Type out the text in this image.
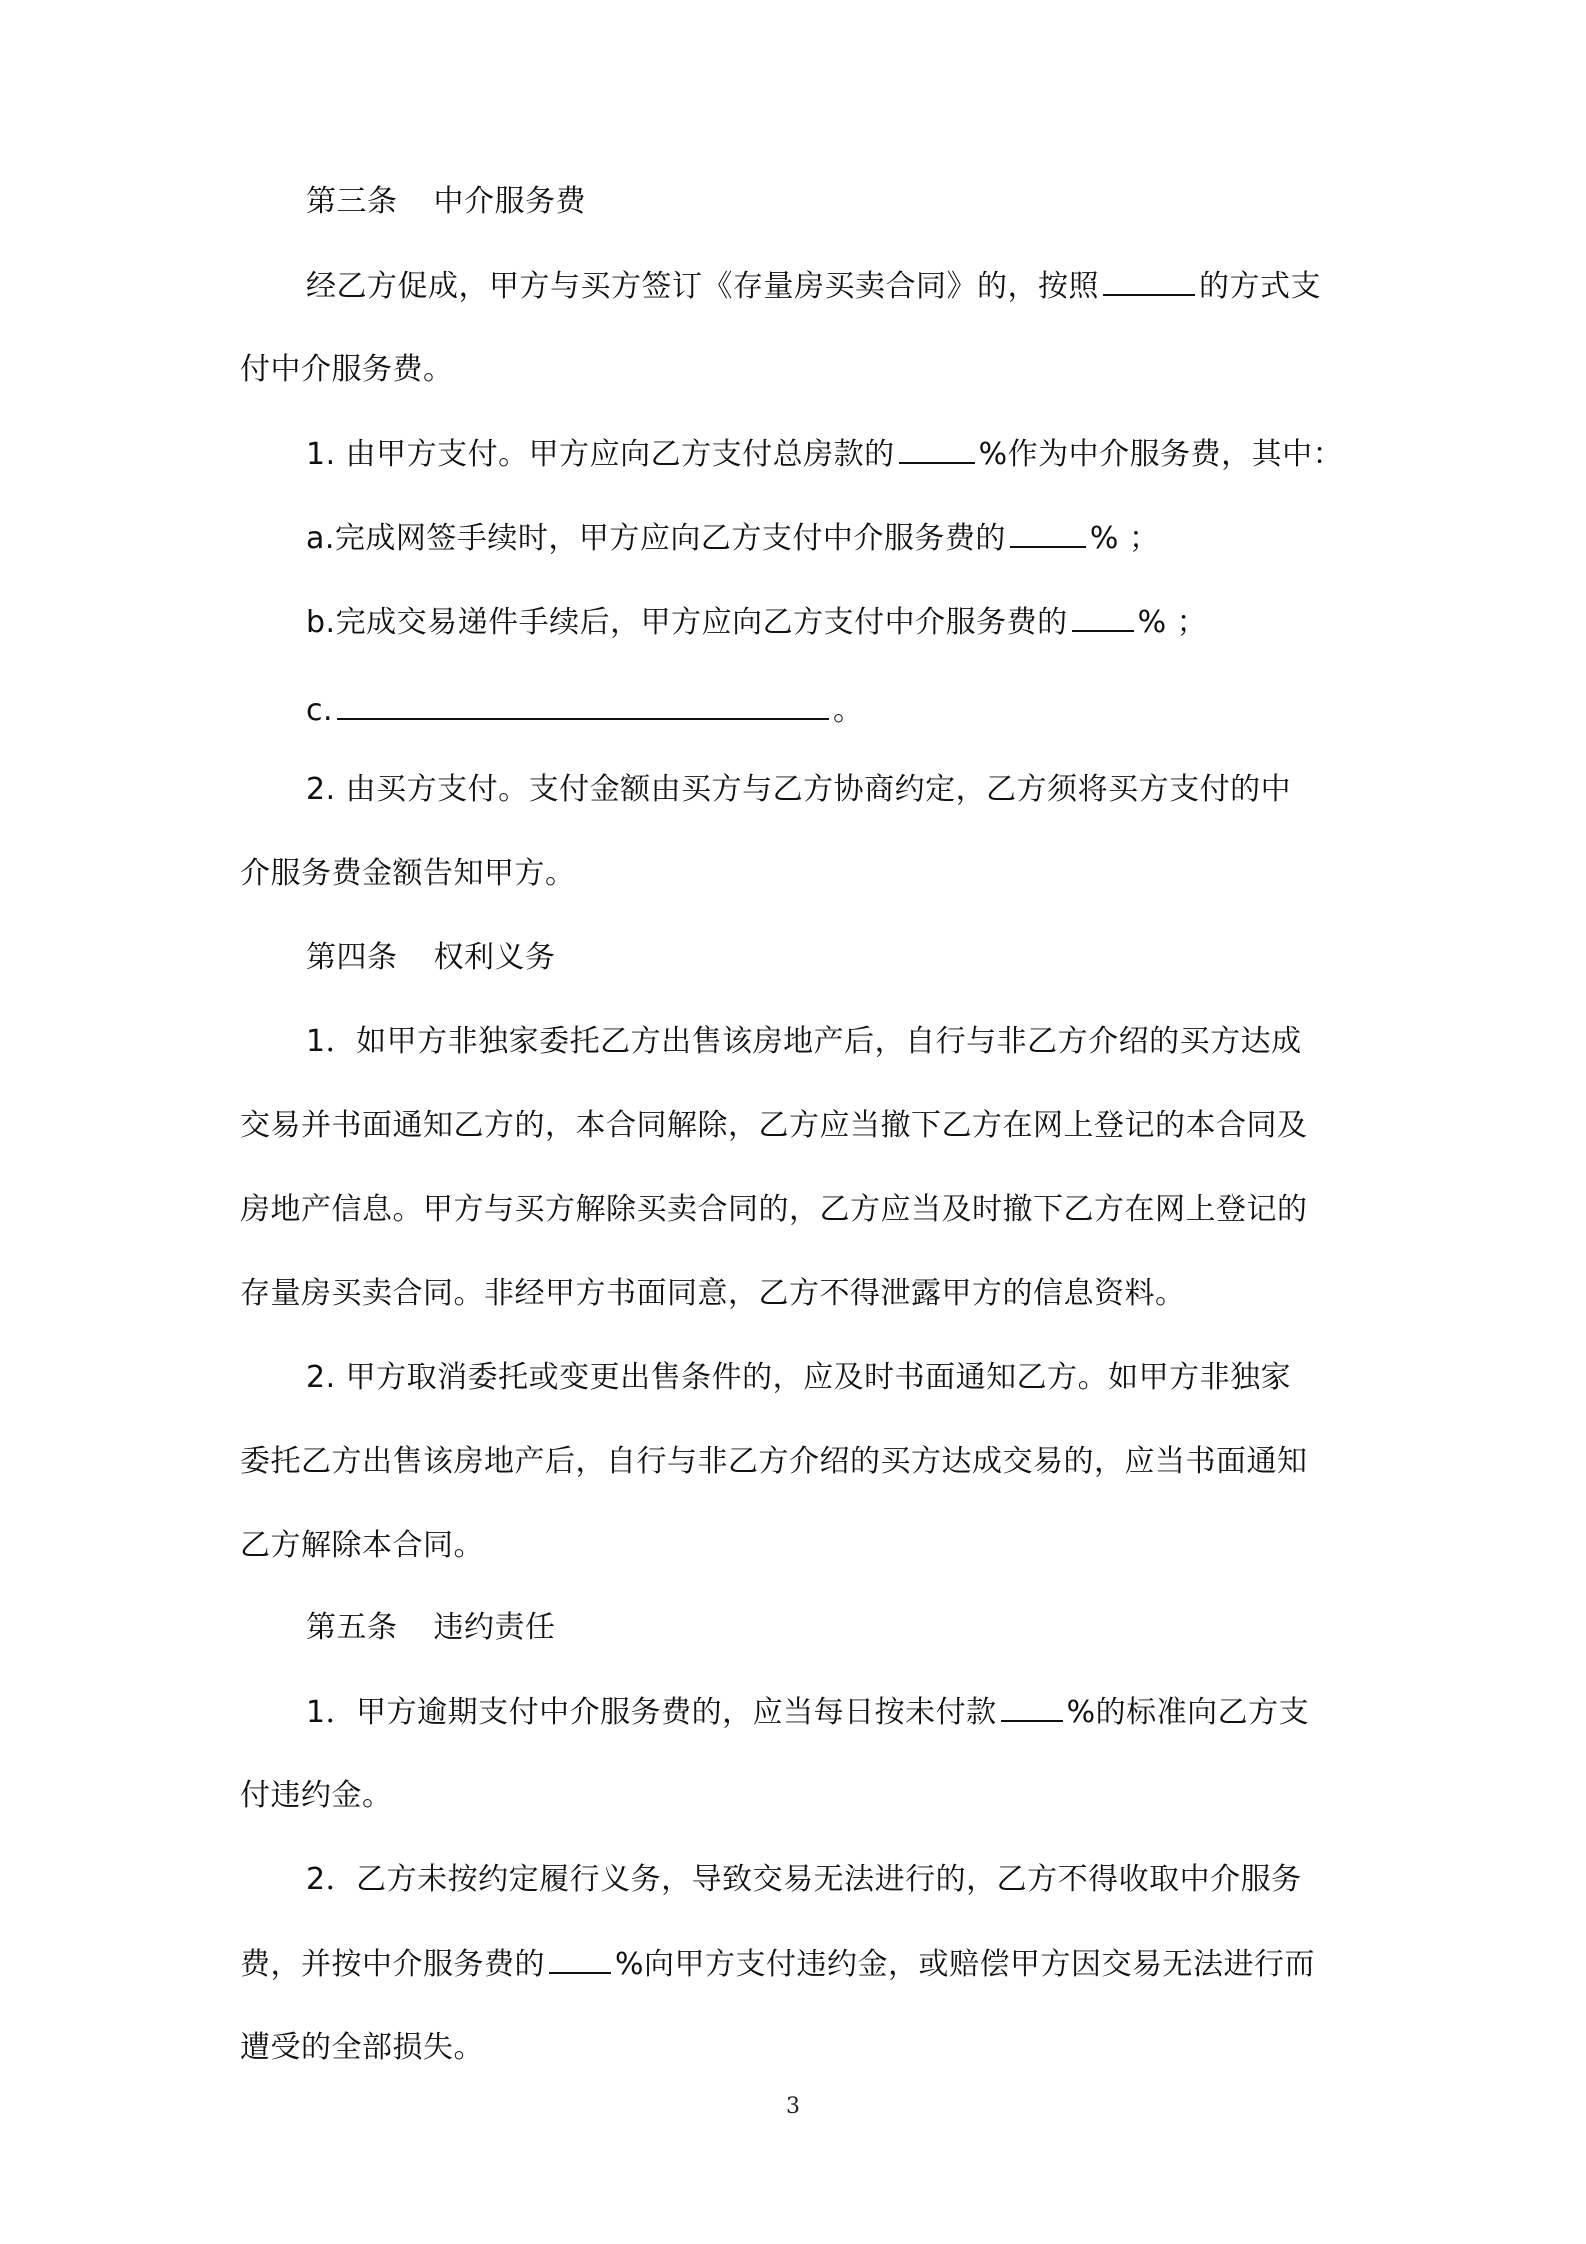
第三条 中介服务费
经乙方促成，甲方与买方签订《存量房买卖合同》的，按照	的方式支
付中介服务费。
1. 由甲方支付。甲方应向乙方支付总房款的	%作为中介服务费，其中：
a.完成网签手续时，甲方应向乙方支付中介服务费的	% ；
b.完成交易递件手续后，甲方应向乙方支付中介服务费的 % ；
c.	。
2. 由买方支付。支付金额由买方与乙方协商约定，乙方须将买方支付的中
介服务费金额告知甲方。
第四条 权利义务
1．如甲方非独家委托乙方出售该房地产后，自行与非乙方介绍的买方达成
交易并书面通知乙方的，本合同解除，乙方应当撤下乙方在网上登记的本合同及
房地产信息。甲方与买方解除买卖合同的，乙方应当及时撤下乙方在网上登记的
存量房买卖合同。非经甲方书面同意，乙方不得泄露甲方的信息资料。
2. 甲方取消委托或变更出售条件的，应及时书面通知乙方。如甲方非独家
委托乙方出售该房地产后，自行与非乙方介绍的买方达成交易的，应当书面通知
乙方解除本合同。
第五条 违约责任
1．甲方逾期支付中介服务费的，应当每日按未付款 %的标准向乙方支
付违约金。
2．乙方未按约定履行义务，导致交易无法进行的，乙方不得收取中介服务
费，并按中介服务费的 %向甲方支付违约金，或赔偿甲方因交易无法进行而
遭受的全部损失。
3
